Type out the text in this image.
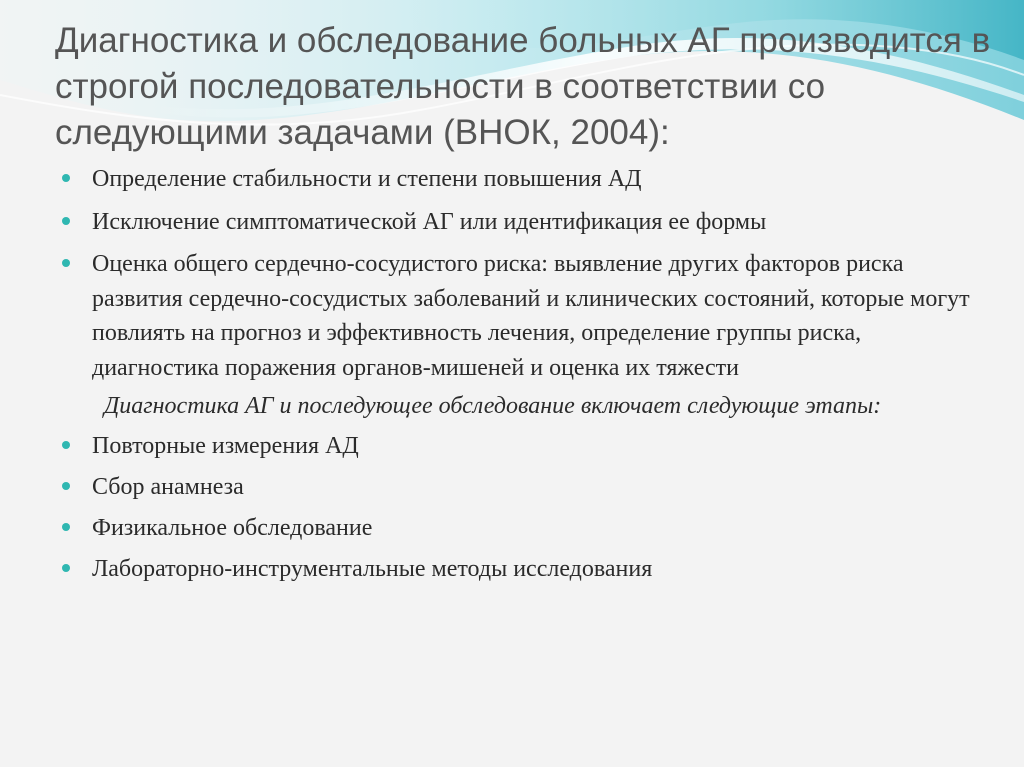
Диагностика и обследование больных АГ производится в строгой последовательности в соответствии со следующими задачами (ВНОК, 2004):
Определение стабильности и степени повышения АД
Исключение симптоматической АГ или идентификация ее формы
Оценка общего сердечно-сосудистого риска: выявление других факторов риска развития сердечно-сосудистых заболеваний и клинических состояний, которые могут повлиять на прогноз и эффективность лечения, определение группы риска, диагностика поражения органов-мишеней и оценка их тяжести

Диагностика АГ и последующее обследование включает следующие этапы:

Повторные измерения АД
Сбор анамнеза
Физикальное обследование
Лабораторно-инструментальные методы исследования
